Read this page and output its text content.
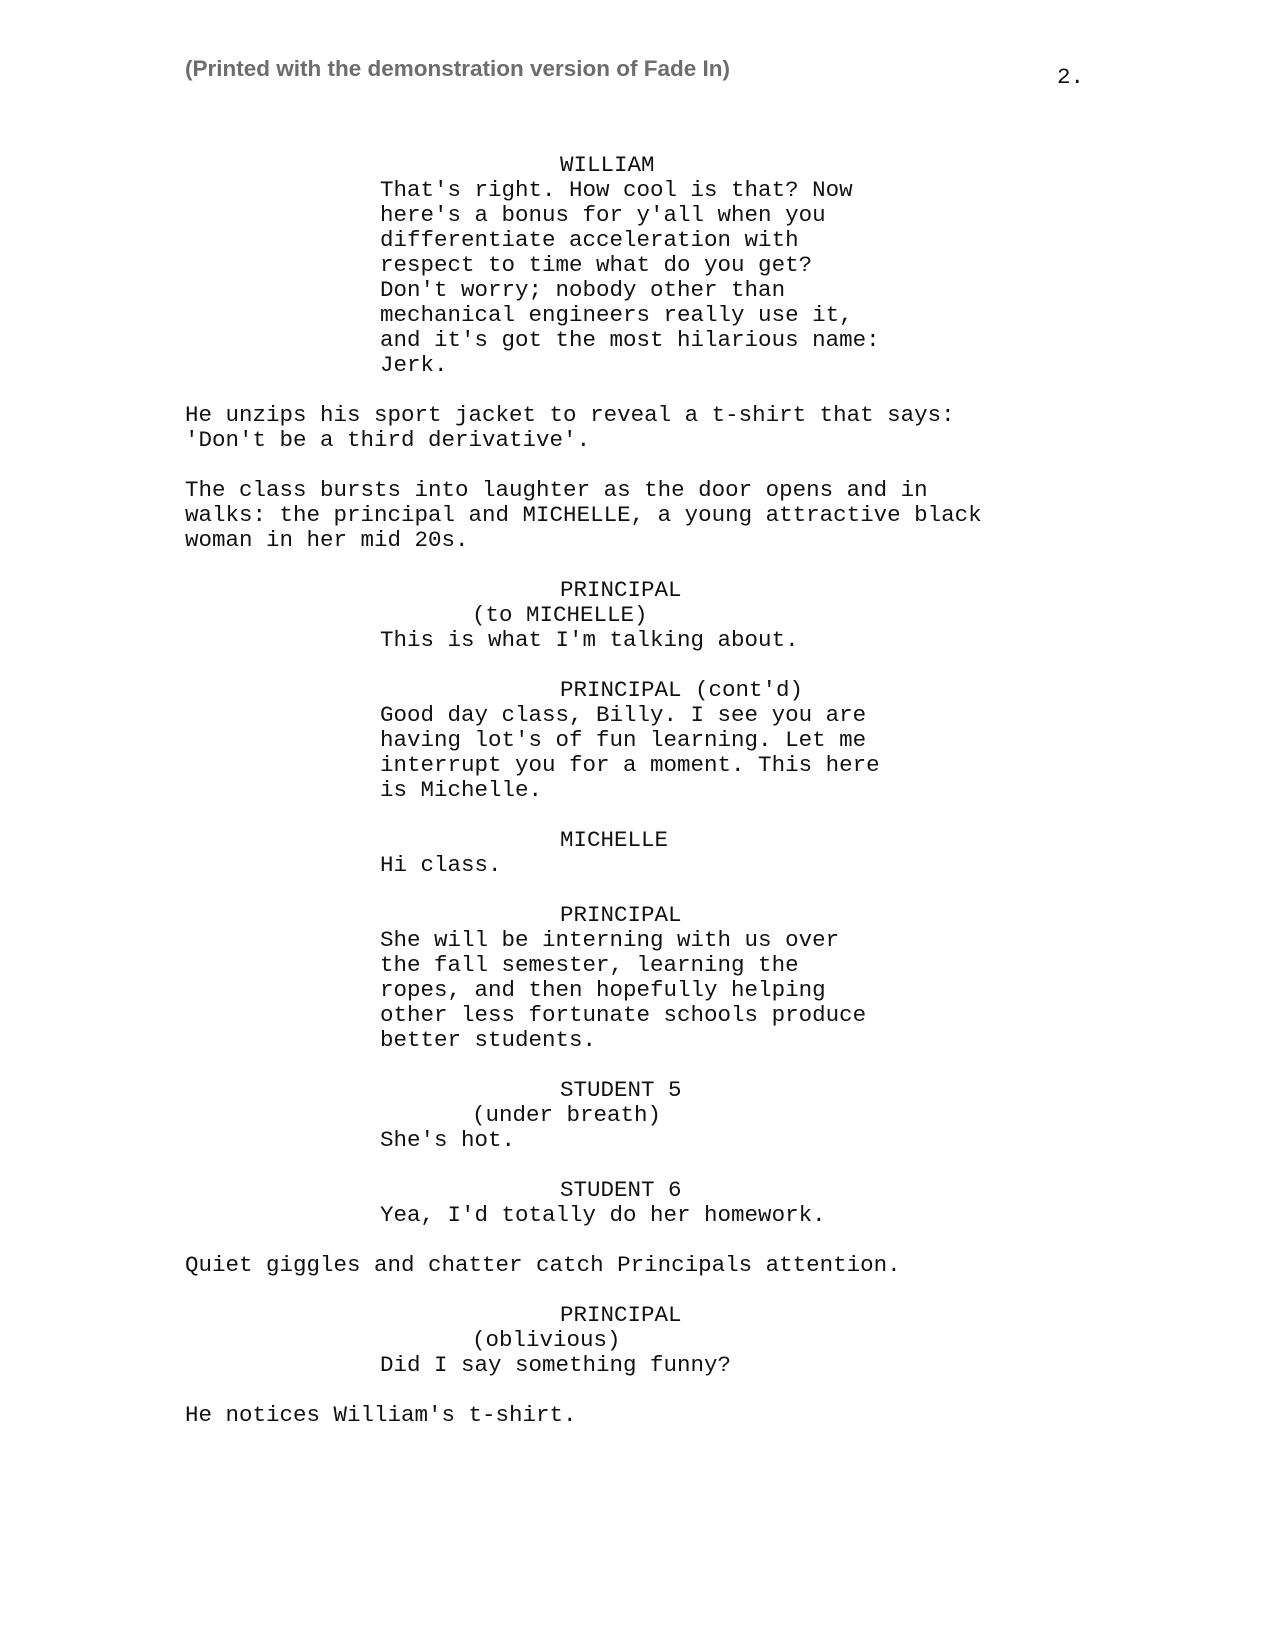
(Printed with the demonstration version of Fade In)	2.
WILLIAM
That's right. How cool is that? Now
here's a bonus for y'all when you
differentiate acceleration with
respect to time what do you get?
Don't worry; nobody other than
mechanical engineers really use it,
and it's got the most hilarious name:
Jerk.
He unzips his sport jacket to reveal a t-shirt that says:
'Don't be a third derivative'.
The class bursts into laughter as the door opens and in
walks: the principal and MICHELLE, a young attractive black
woman in her mid 20s.
PRINCIPAL
(to MICHELLE)
This is what I'm talking about.
PRINCIPAL (cont'd)
Good day class, Billy. I see you are
having lot's of fun learning. Let me
interrupt you for a moment. This here
is Michelle.
MICHELLE
Hi class.
PRINCIPAL
She will be interning with us over
the fall semester, learning the
ropes, and then hopefully helping
other less fortunate schools produce
better students.
STUDENT 5
(under breath)
She's hot.
STUDENT 6
Yea, I'd totally do her homework.
Quiet giggles and chatter catch Principals attention.
PRINCIPAL
(oblivious)
Did I say something funny?
He notices William's t-shirt.
